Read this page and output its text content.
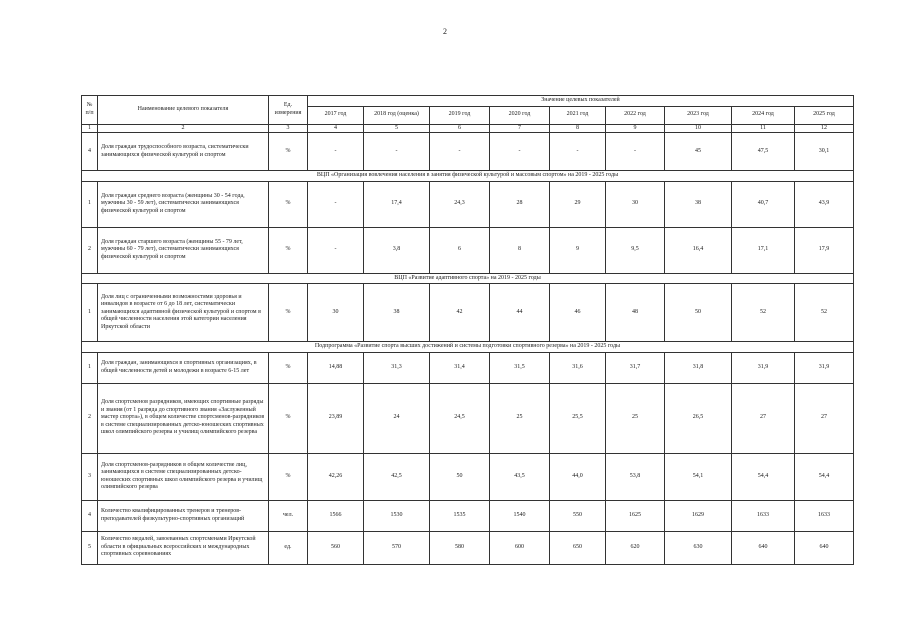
2
№ п/п	Наименование целевого показателя	Ед. измерения	Значение целевых показателей								
			2017 год	2018 год (оценка)	2019 год	2020 год	2021 год	2022 год	2023 год	2024 год	2025 год
1	2	3	4	5	6	7	8	9	10	11	12
4	Доля граждан трудоспособного возраста, систематически занимающихся физической культурой и спортом	%	-	-	-	-	-	-	45	47,5	30,1
ВЦП «Организация вовлечения населения в занятия физической культурой и массовым спортом» на 2019 - 2025 годы											
1	Доля граждан среднего возраста (женщины 30 - 54 года, мужчины 30 - 59 лет), систематически занимающихся физической культурой и спортом	%	-	17,4	24,3	28	29	30	38	40,7	43,9
2	Доля граждан старшего возраста (женщины 55 - 79 лет, мужчины 60 - 79 лет), систематически занимающихся физической культурой и спортом	%	-	3,8	6	8	9	9,5	16,4	17,1	17,9
ВЦП «Развитие адаптивного спорта» на 2019 - 2025 годы											
1	Доля лиц с ограниченными возможностями здоровья и инвалидов в возрасте от 6 до 18 лет, систематически занимающихся адаптивной физической культурой и спортом в общей численности населения этой категории населения Иркутской области	%	30	38	42	44	46	48	50	52	52
Подпрограмма «Развитие спорта высших достижений и системы подготовки спортивного резерва» на 2019 - 2025 годы											
1	Доля граждан, занимающихся в спортивных организациях, в общей численности детей и молодежи в возрасте 6-15 лет	%	14,88	31,3	31,4	31,5	31,6	31,7	31,8	31,9	31,9
2	Доля спортсменов разрядников, имеющих спортивные разряды и звания (от 1 разряда до спортивного звания «Заслуженный мастер спорта»), в общем количестве спортсменов-разрядников в системе специализированных детско-юношеских спортивных школ олимпийского резерва и училищ олимпийского резерва	%	23,89	24	24,5	25	25,5	25	26,5	27	27
3	Доля спортсменов-разрядников в общем количестве лиц, занимающихся в системе специализированных детско-юношеских спортивных школ олимпийского резерва и училищ олимпийского резерва	%	42,26	42,5	50	43,5	44,0	53,8	54,1	54,4	54,4
4	Количество квалифицированных тренеров и тренеров-преподавателей физкультурно-спортивных организаций	чел.	1566	1530	1535	1540	550	1625	1629	1633	1633
5	Количество медалей, завоеванных спортсменами Иркутской области в официальных всероссийских и международных спортивных соревнованиях	ед.	560	570	580	600	650	620	630	640	640
